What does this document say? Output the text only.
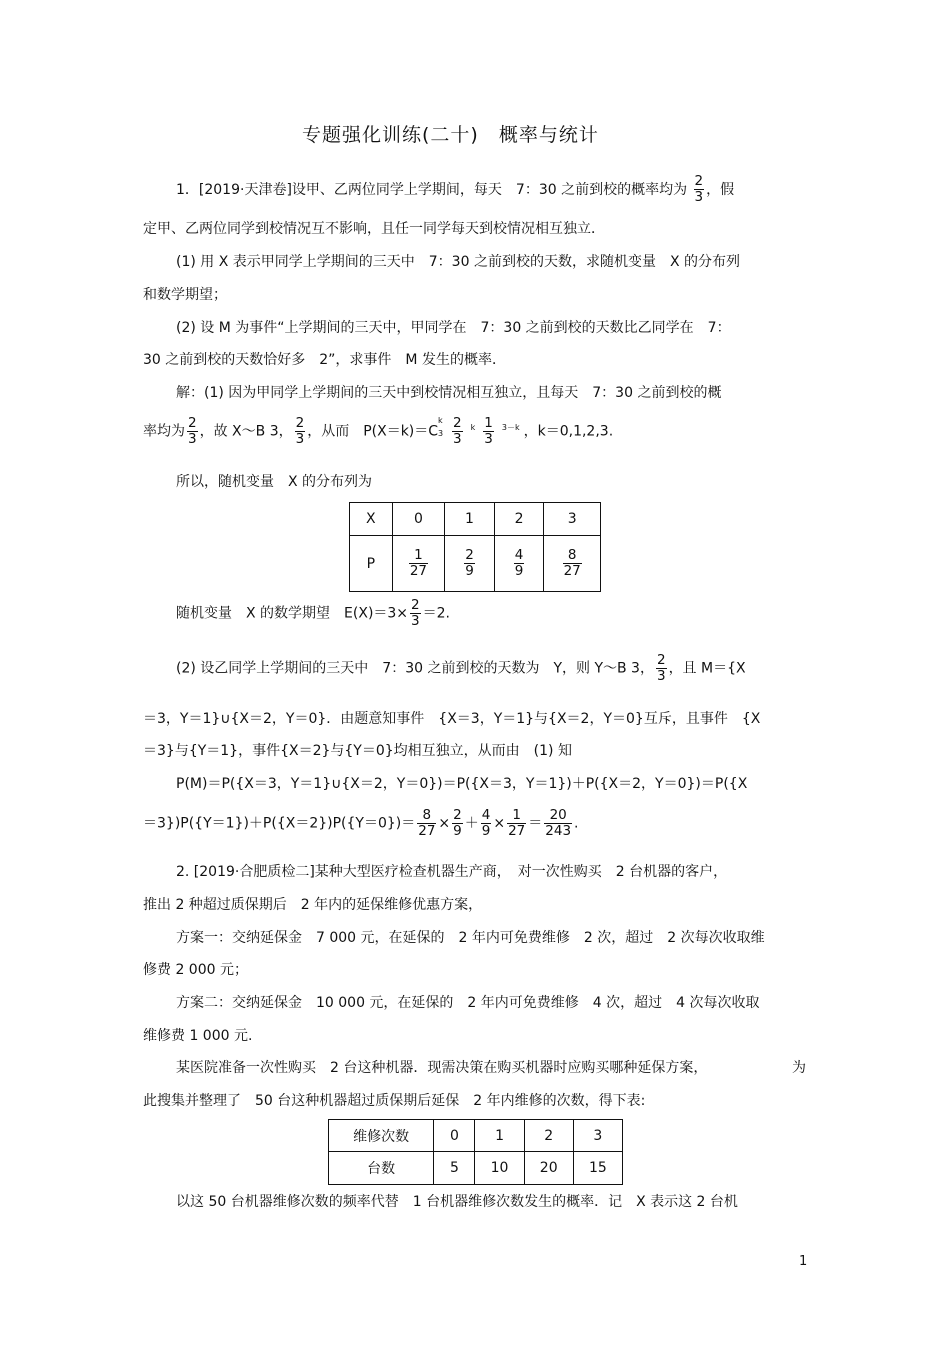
专题强化训练(二十)　概率与统计
1．[2019·天津卷]设甲、乙两位同学上学期间，每天　7：30 之前到校的概率均为 $\frac{2}{3}$ ，假
定甲、乙两位同学到校情况互不影响，且任一同学每天到校情况相互独立．
(1) 用 X 表示甲同学上学期间的三天中　7：30 之前到校的天数，求随机变量　X 的分布列
和数学期望；
(2) 设 M 为事件“上学期间的三天中，甲同学在　7：30 之前到校的天数比乙同学在　7：
30 之前到校的天数恰好多　2”，求事件　M 发生的概率．
解：(1) 因为甲同学上学期间的三天中到校情况相互独立，且每天　7：30 之前到校的概
率均为 $\frac{2}{3}$ ，故 X～B 3， $\frac{2}{3}$ ，从而　P(X＝k)＝C
k
$3 \frac{2}{3} ^k \frac{1}{3} ^{3-k}$ ，k＝0,1,2,3.
所以，随机变量　X 的分布列为
X	0	1	2	3
P	$\frac{1}{27}$	$\frac{2}{9}$	$\frac{4}{9}$	$\frac{8}{27}$
随机变量　X 的数学期望　$E(X)=3\times \frac{2}{3} =2$.
(2) 设乙同学上学期间的三天中　7：30 之前到校的天数为　Y，则 Y～B 3， $\frac{2}{3}$ ，且 M＝{X
＝3，Y＝1}∪{X＝2，Y＝0}．由题意知事件　{X＝3，Y＝1}与{X＝2，Y＝0}互斥，且事件　{X
＝3}与{Y＝1}，事件{X＝2}与{Y＝0}均相互独立，从而由　(1) 知
P(M)＝P({X＝3，Y＝1}∪{X＝2，Y＝0})＝P({X＝3，Y＝1})＋P({X＝2，Y＝0})＝P({X
$=3\})P(\{Y=1\})+P(\{X=2\})P(\{Y=0\})= \frac{8}{27} \times \frac{2}{9} + \frac{4}{9} \times \frac{1}{27} = \frac{20}{243}$ .
2. [2019·合肥质检二]某种大型医疗检查机器生产商，　对一次性购买　2 台机器的客户，
推出 2 种超过质保期后　2 年内的延保维修优惠方案，
方案一：交纳延保金　7 000 元，在延保的　2 年内可免费维修　2 次，超过　2 次每次收取维
修费 2 000 元；
方案二：交纳延保金　10 000 元，在延保的　2 年内可免费维修　4 次，超过　4 次每次收取
维修费 1 000 元.
某医院准备一次性购买　2 台这种机器．现需决策在购买机器时应购买哪种延保方案，	为
此搜集并整理了　50 台这种机器超过质保期后延保　2 年内维修的次数，得下表:
维修次数	0	1	2	3
台数	5	10	20	15
以这 50 台机器维修次数的频率代替　1 台机器维修次数发生的概率．记　X 表示这 2 台机
1
